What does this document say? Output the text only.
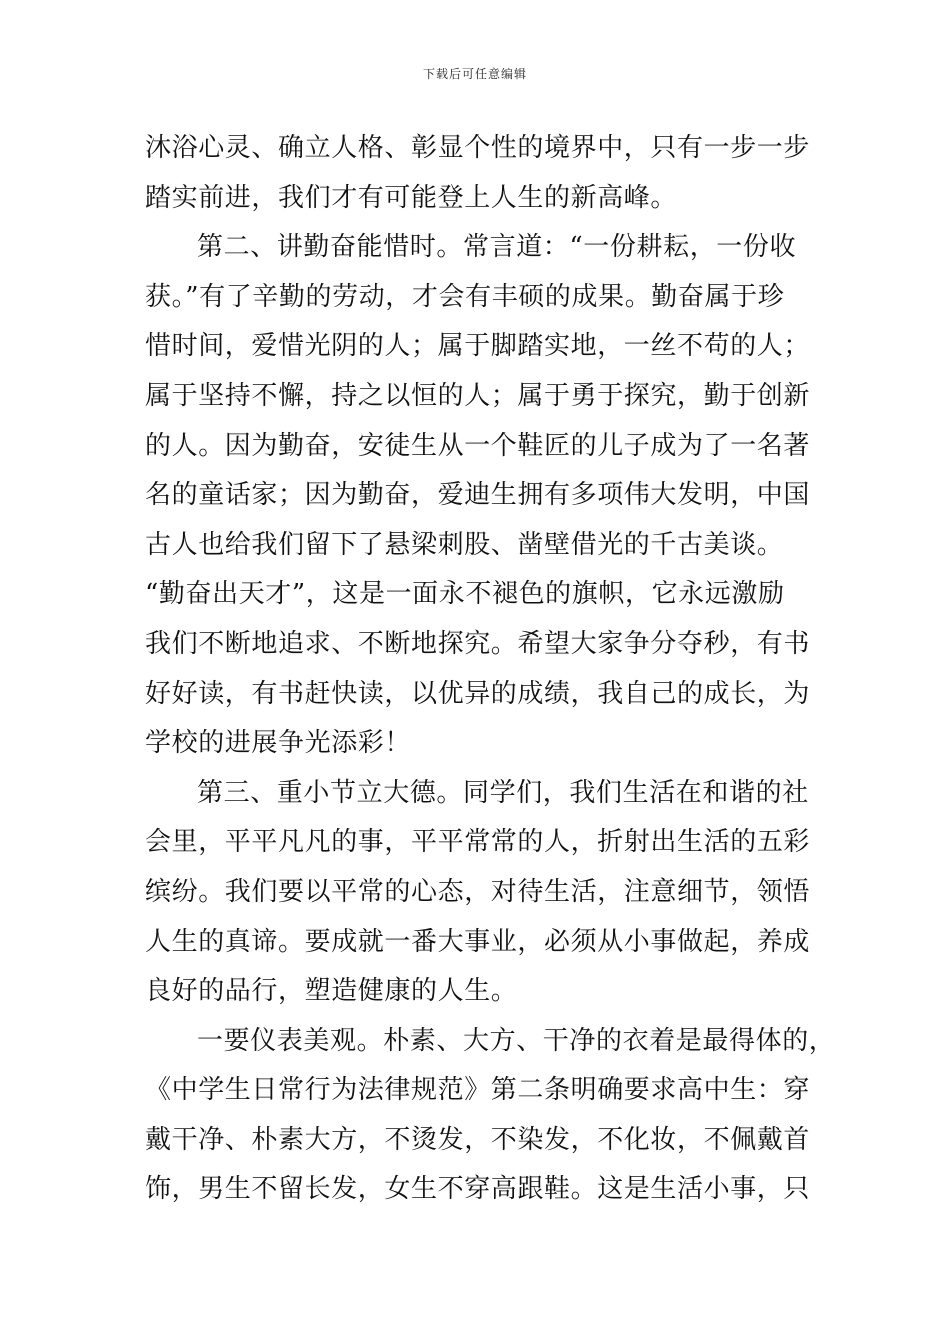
下载后可任意编辑
沐浴心灵、确立人格、彰显个性的境界中，只有一步一步
踏实前进，我们才有可能登上人生的新高峰。
第二、讲勤奋能惜时。常言道：“一份耕耘，一份收
获。”有了辛勤的劳动，才会有丰硕的成果。勤奋属于珍
惜时间，爱惜光阴的人；属于脚踏实地，一丝不苟的人；
属于坚持不懈，持之以恒的人；属于勇于探究，勤于创新
的人。因为勤奋，安徒生从一个鞋匠的儿子成为了一名著
名的童话家；因为勤奋，爱迪生拥有多项伟大发明，中国
古人也给我们留下了悬梁刺股、凿壁借光的千古美谈。
“勤奋出天才”，这是一面永不褪色的旗帜，它永远激励
我们不断地追求、不断地探究。希望大家争分夺秒，有书
好好读，有书赶快读，以优异的成绩，我自己的成长，为
学校的进展争光添彩！
第三、重小节立大德。同学们，我们生活在和谐的社
会里，平平凡凡的事，平平常常的人，折射出生活的五彩
缤纷。我们要以平常的心态，对待生活，注意细节，领悟
人生的真谛。要成就一番大事业，必须从小事做起，养成
良好的品行，塑造健康的人生。
一要仪表美观。朴素、大方、干净的衣着是最得体的，
《中学生日常行为法律规范》第二条明确要求高中生：穿
戴干净、朴素大方，不烫发，不染发，不化妆，不佩戴首
饰，男生不留长发，女生不穿高跟鞋。这是生活小事，只
